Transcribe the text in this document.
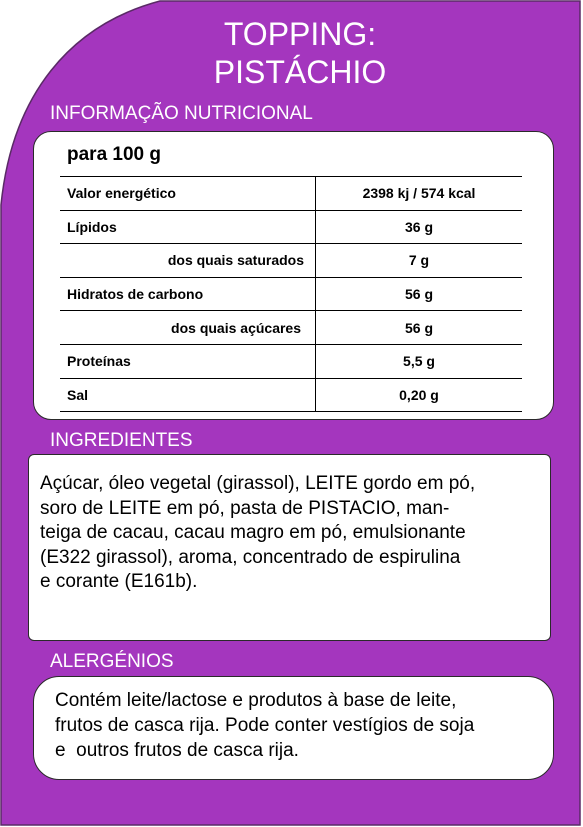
TOPPING:
PISTÁCHIO
INFORMAÇÃO NUTRICIONAL
para 100 g
Valor energético	2398 kj / 574 kcal
Lípidos	36 g
dos quais saturados	7 g
Hidratos de carbono	56 g
dos quais açúcares	56 g
Proteínas	5,5 g
Sal	0,20 g
INGREDIENTES
Açúcar, óleo vegetal (girassol), LEITE gordo em pó,
soro de LEITE em pó, pasta de PISTACIO, man-
teiga de cacau, cacau magro em pó, emulsionante
(E322 girassol), aroma, concentrado de espirulina
e corante (E161b).
ALERGÉNIOS
Contém leite/lactose e produtos à base de leite,
frutos de casca rija. Pode conter vestígios de soja
e  outros frutos de casca rija.
